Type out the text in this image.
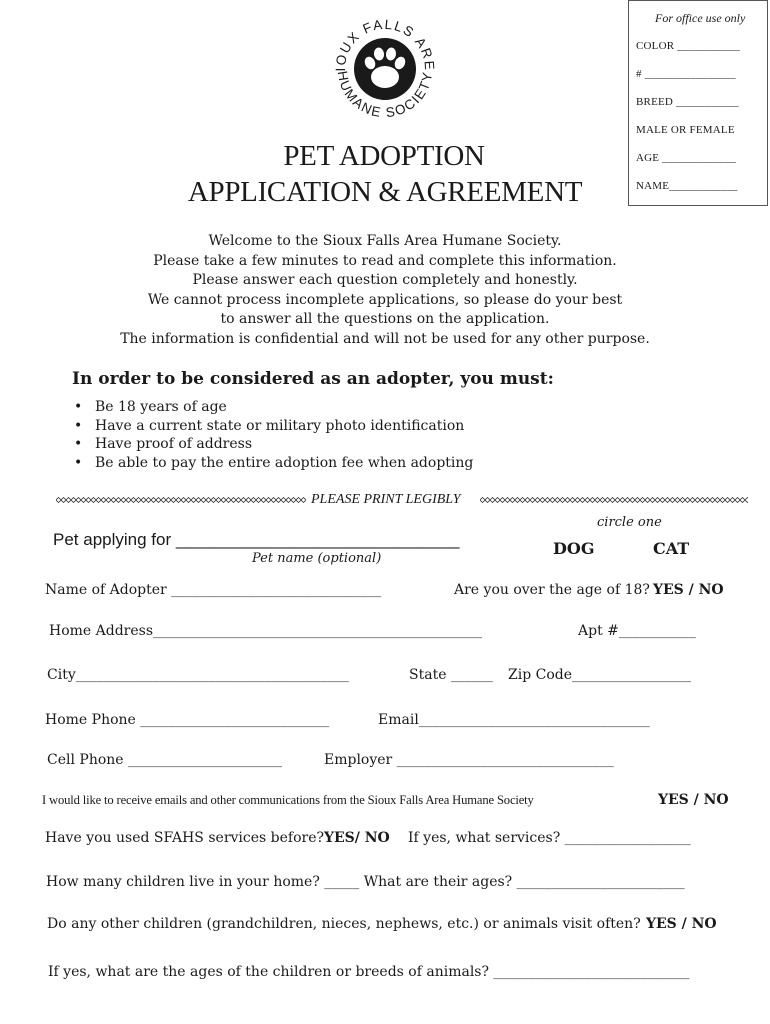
IOUX FALLS ARE
HUMANE SOCIETY
For office use only
COLOR ___________
# ________________
BREED ___________
MALE OR FEMALE
AGE _____________
NAME____________
PET ADOPTION
APPLICATION & AGREEMENT
Welcome to the Sioux Falls Area Humane Society.
Please take a few minutes to read and complete this information.
Please answer each question completely and honestly.
We cannot process incomplete applications, so please do your best
to answer all the questions on the application.
The information is confidential and will not be used for any other purpose.
In order to be considered as an adopter, you must:
• Be 18 years of age
• Have a current state or military photo identification
• Have proof of address
• Be able to pay the entire adoption fee when adopting
PLEASE PRINT LEGIBLY
Pet applying for ______________________________
Pet name (optional)
circle one
DOG	CAT
Name of Adopter ______________________________	Are you over the age of 18? YES / NO
Home Address_______________________________________________	Apt #___________
City_______________________________________	State ______ Zip Code_________________
Home Phone ___________________________	Email_________________________________
Cell Phone ______________________	Employer _______________________________
I would like to receive emails and other communications from the Sioux Falls Area Humane Society	YES / NO
Have you used SFAHS services before? YES/ NO If yes, what services? __________________
How many children live in your home? _____ What are their ages? ________________________
Do any other children (grandchildren, nieces, nephews, etc.) or animals visit often? YES / NO
If yes, what are the ages of the children or breeds of animals? ____________________________
